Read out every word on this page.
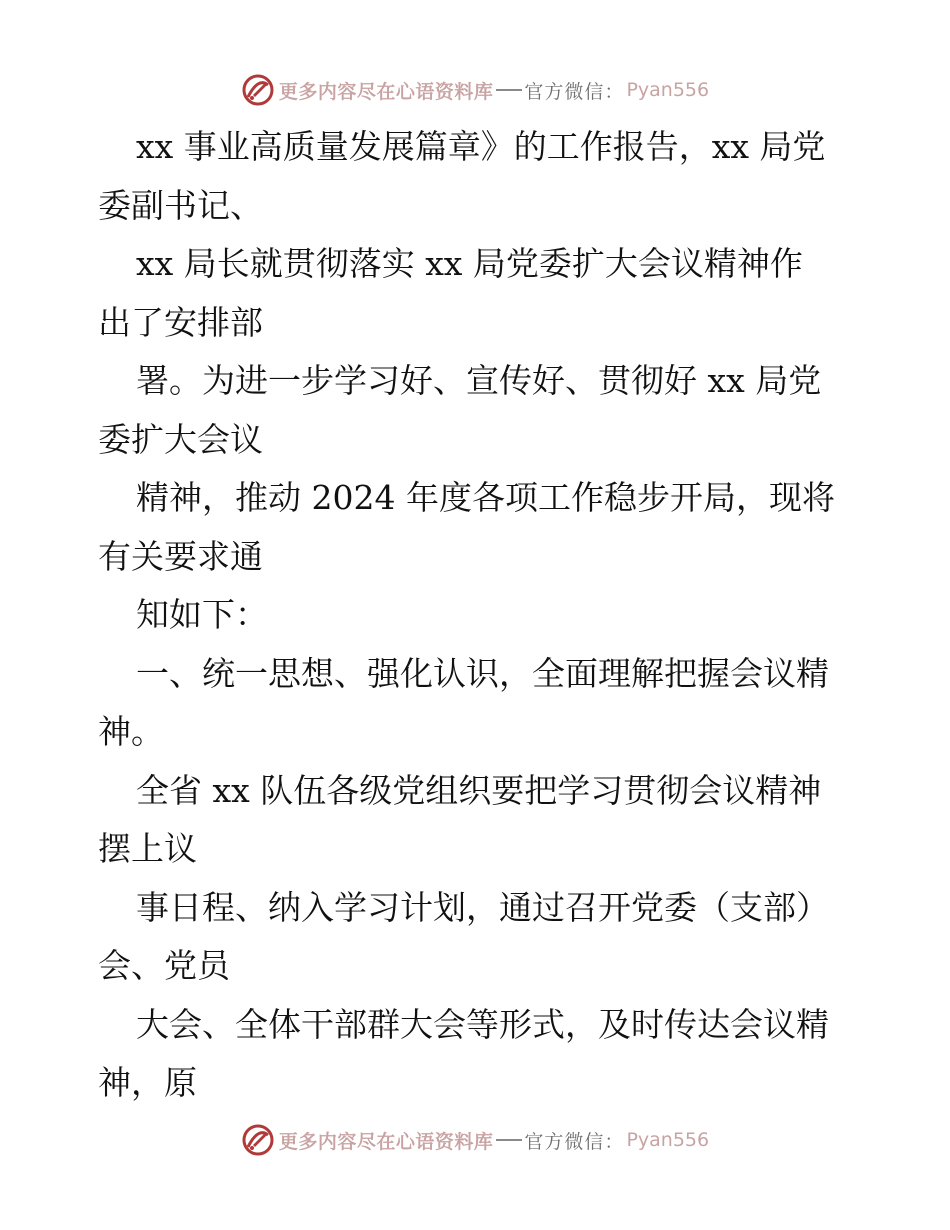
更多内容尽在心语资料库 官方微信： Pyan556

xx 事业高质量发展篇章》的工作报告，xx 局党

委副书记、

xx 局长就贯彻落实 xx 局党委扩大会议精神作

出了安排部

署。为进一步学习好、宣传好、贯彻好 xx 局党

委扩大会议

精神，推动 2024 年度各项工作稳步开局，现将

有关要求通

知如下：

一、统一思想、强化认识，全面理解把握会议精

神。

全省 xx 队伍各级党组织要把学习贯彻会议精神

摆上议

事日程、纳入学习计划，通过召开党委（支部）

会、党员

大会、全体干部群大会等形式，及时传达会议精

神，原

更多内容尽在心语资料库 官方微信： Pyan556
